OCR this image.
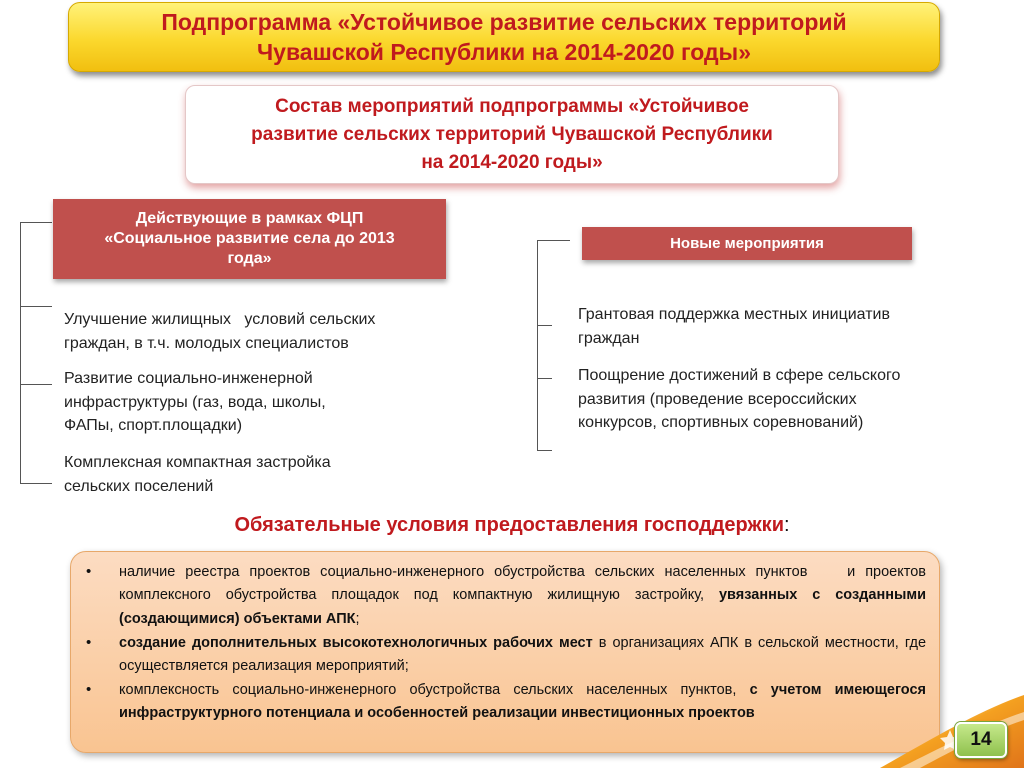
Подпрограмма «Устойчивое развитие сельских территорий
Чувашской Республики на 2014-2020 годы»
Состав мероприятий подпрограммы «Устойчивое
развитие сельских территорий Чувашской Республики
на 2014-2020 годы»
Действующие в рамках ФЦП
«Социальное развитие села до 2013
года»
Новые мероприятия
Улучшение жилищных   условий сельских
граждан, в т.ч. молодых специалистов
Развитие социально-инженерной
инфраструктуры (газ, вода, школы,
ФАПы, спорт.площадки)
Комплексная компактная застройка
сельских поселений
Грантовая поддержка местных инициатив
граждан
Поощрение достижений в сфере сельского
развития (проведение всероссийских
конкурсов, спортивных соревнований)
Обязательные условия предоставления господдержки:
• наличие реестра проектов социально-инженерного обустройства сельских населенных пунктов    и проектов комплексного обустройства площадок под компактную жилищную застройку, увязанных с созданными (создающимися) объектами АПК;
• создание дополнительных высокотехнологичных рабочих мест в организациях АПК в сельской местности, где осуществляется реализация мероприятий;
• комплексность социально-инженерного обустройства сельских населенных пунктов, с учетом имеющегося инфраструктурного потенциала и особенностей реализации инвестиционных проектов
14
